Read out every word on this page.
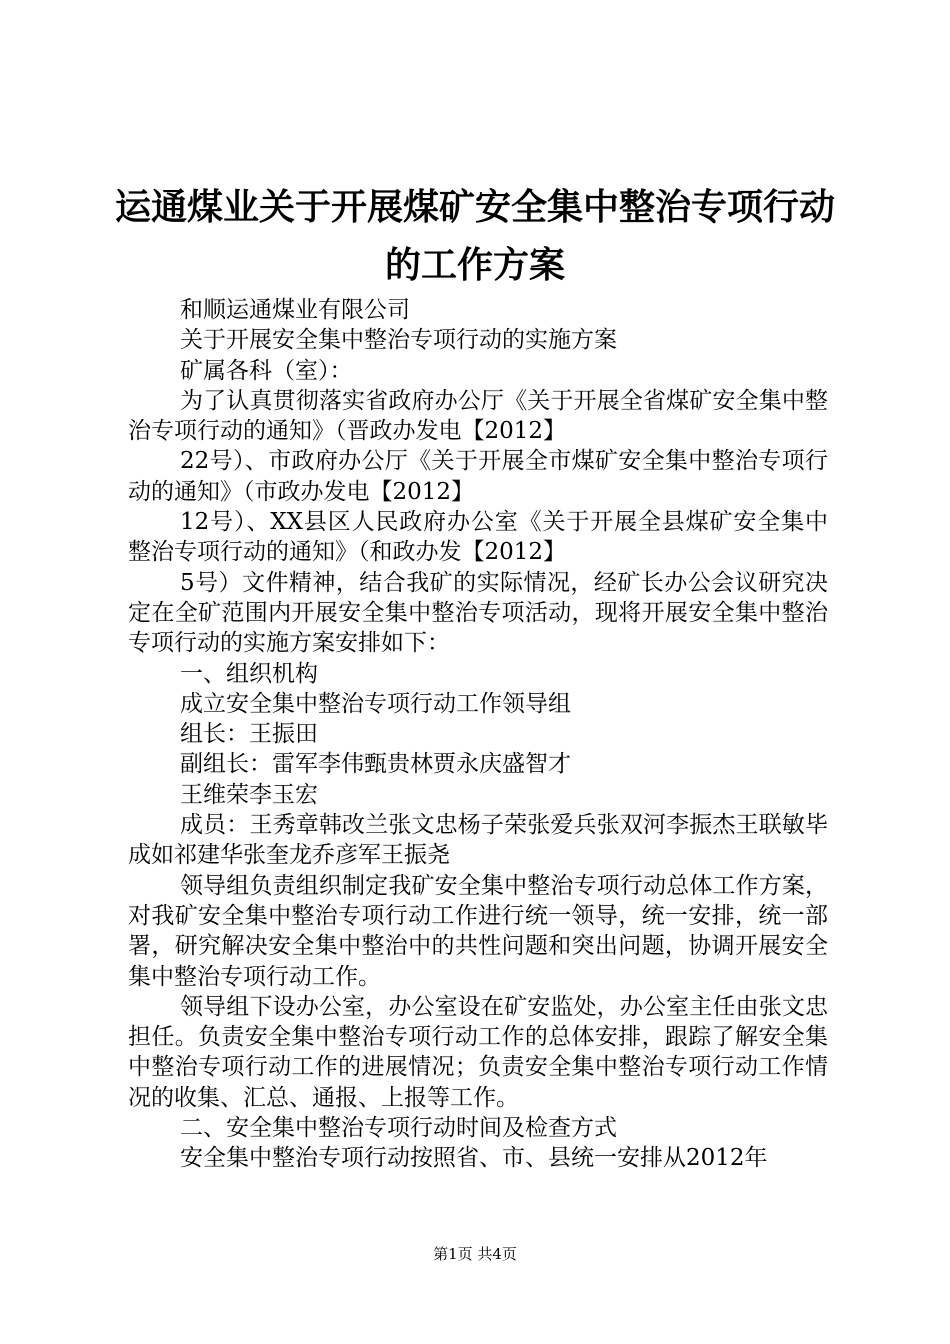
运通煤业关于开展煤矿安全集中整治专项行动
的工作方案

和顺运通煤业有限公司

关于开展安全集中整治专项行动的实施方案

矿属各科（室）：

为了认真贯彻落实省政府办公厅《关于开展全省煤矿安全集中整治专项行动的通知》（晋政办发电【2012】

22号）、市政府办公厅《关于开展全市煤矿安全集中整治专项行动的通知》（市政办发电【2012】

12号）、XX县区人民政府办公室《关于开展全县煤矿安全集中整治专项行动的通知》（和政办发【2012】

5号）文件精神，结合我矿的实际情况，经矿长办公会议研究决定在全矿范围内开展安全集中整治专项活动，现将开展安全集中整治专项行动的实施方案安排如下：

一、组织机构

成立安全集中整治专项行动工作领导组

组长：王振田

副组长：雷军李伟甄贵林贾永庆盛智才

王维荣李玉宏

成员：王秀章韩改兰张文忠杨子荣张爱兵张双河李振杰王联敏毕成如祁建华张奎龙乔彦军王振尧

领导组负责组织制定我矿安全集中整治专项行动总体工作方案，对我矿安全集中整治专项行动工作进行统一领导，统一安排，统一部署，研究解决安全集中整治中的共性问题和突出问题，协调开展安全集中整治专项行动工作。

领导组下设办公室，办公室设在矿安监处，办公室主任由张文忠担任。负责安全集中整治专项行动工作的总体安排，跟踪了解安全集中整治专项行动工作的进展情况；负责安全集中整治专项行动工作情况的收集、汇总、通报、上报等工作。

二、安全集中整治专项行动时间及检查方式

安全集中整治专项行动按照省、市、县统一安排从2012年

第1页 共4页
